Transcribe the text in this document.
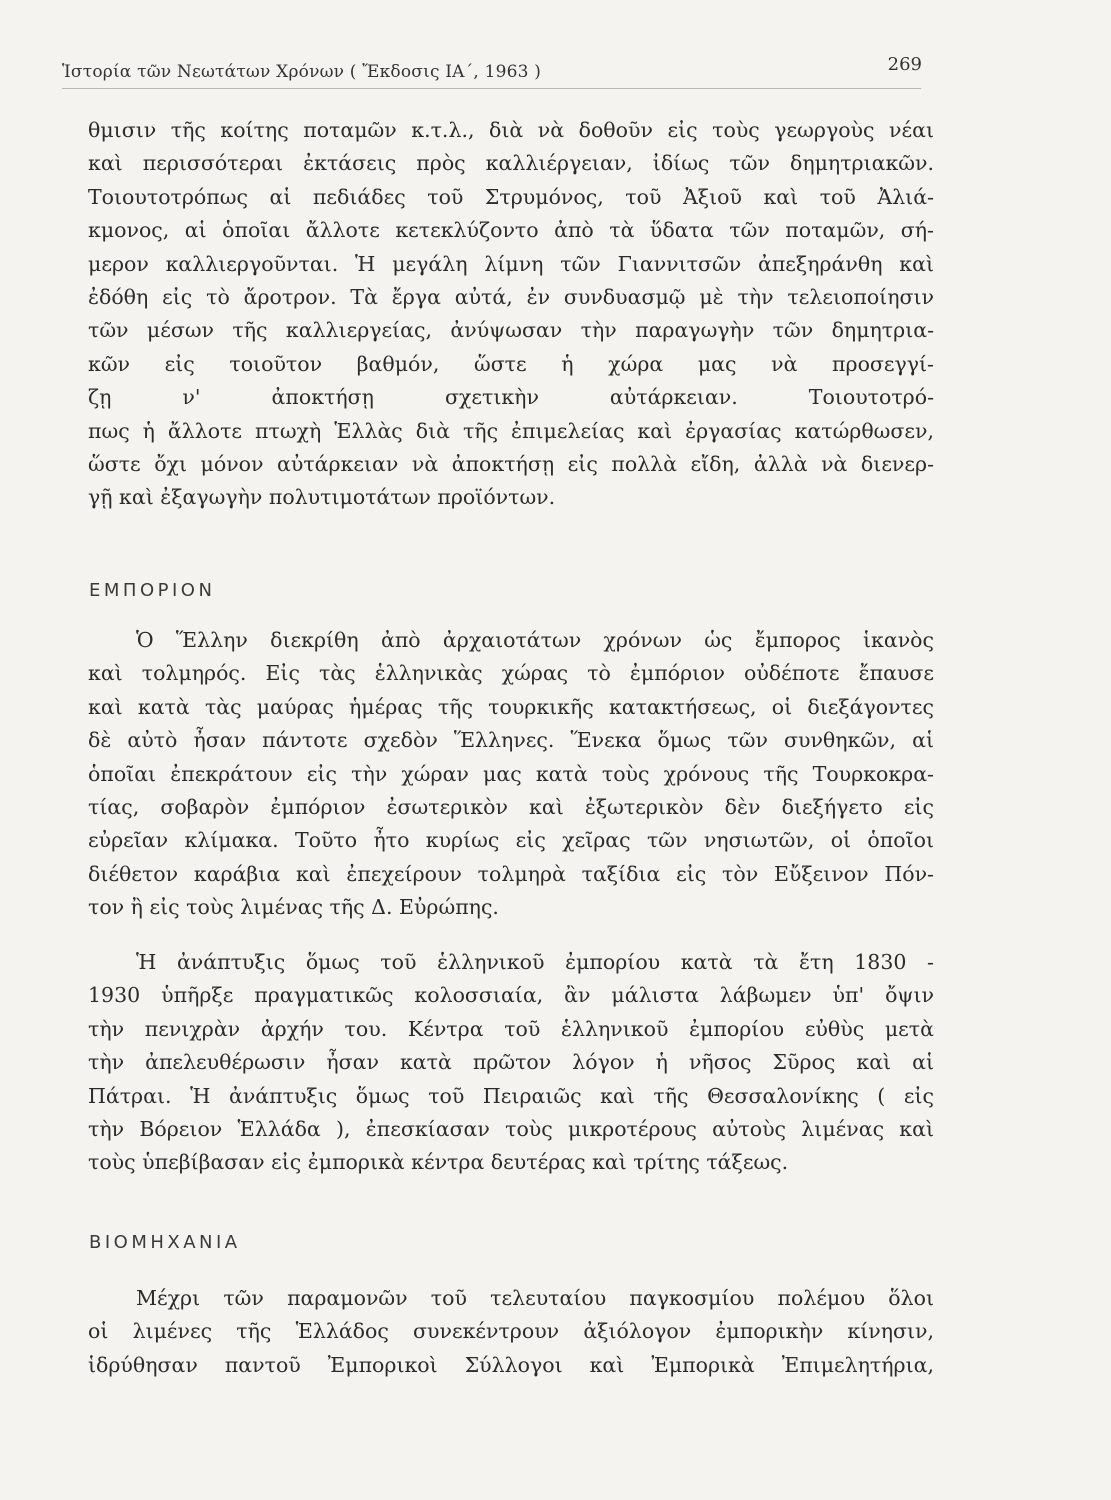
Ἱστορία τῶν Νεωτάτων Χρόνων ( Ἔκδοσις ΙΑ΄, 1963 )	269
θμισιν τῆς κοίτης ποταμῶν κ.τ.λ., διὰ νὰ δοθοῦν εἰς τοὺς γεωργοὺς νέαι
καὶ περισσότεραι ἐκτάσεις πρὸς καλλιέργειαν, ἰδίως τῶν δημητριακῶν.
Τοιουτοτρόπως αἱ πεδιάδες τοῦ Στρυμόνος, τοῦ Ἀξιοῦ καὶ τοῦ Ἀλιά-
κμονος, αἱ ὁποῖαι ἄλλοτε κετεκλύζοντο ἀπὸ τὰ ὕδατα τῶν ποταμῶν, σή-
μερον καλλιεργοῦνται. Ἡ μεγάλη λίμνη τῶν Γιαννιτσῶν ἀπεξηράνθη καὶ
ἐδόθη εἰς τὸ ἄροτρον. Τὰ ἔργα αὐτά, ἐν συνδυασμῷ μὲ τὴν τελειοποίησιν
τῶν μέσων τῆς καλλιεργείας, ἀνύψωσαν τὴν παραγωγὴν τῶν δημητρια-
κῶν εἰς τοιοῦτον βαθμόν, ὥστε ἡ χώρα μας νὰ προσεγγί-
ζῃ ν' ἀποκτήσῃ σχετικὴν αὐτάρκειαν. Τοιουτοτρό-
πως ἡ ἄλλοτε πτωχὴ Ἑλλὰς διὰ τῆς ἐπιμελείας καὶ ἐργασίας κατώρθωσεν,
ὥστε ὄχι μόνον αὐτάρκειαν νὰ ἀποκτήσῃ εἰς πολλὰ εἴδη, ἀλλὰ νὰ διενερ-
γῇ καὶ ἐξαγωγὴν πολυτιμοτάτων προϊόντων.
ΕΜΠΟΡΙΟΝ
Ὁ Ἕλλην διεκρίθη ἀπὸ ἀρχαιοτάτων χρόνων ὡς ἔμπορος ἱκανὸς
καὶ τολμηρός. Εἰς τὰς ἑλληνικὰς χώρας τὸ ἐμπόριον οὐδέποτε ἔπαυσε
καὶ κατὰ τὰς μαύρας ἡμέρας τῆς τουρκικῆς κατακτήσεως, οἱ διεξάγοντες
δὲ αὐτὸ ἦσαν πάντοτε σχεδὸν Ἕλληνες. Ἕνεκα ὅμως τῶν συνθηκῶν, αἱ
ὁποῖαι ἐπεκράτουν εἰς τὴν χώραν μας κατὰ τοὺς χρόνους τῆς Τουρκοκρα-
τίας, σοβαρὸν ἐμπόριον ἐσωτερικὸν καὶ ἐξωτερικὸν δὲν διεξήγετο εἰς
εὐρεῖαν κλίμακα. Τοῦτο ἦτο κυρίως εἰς χεῖρας τῶν νησιωτῶν, οἱ ὁποῖοι
διέθετον καράβια καὶ ἐπεχείρουν τολμηρὰ ταξίδια εἰς τὸν Εὔξεινον Πόν-
τον ἢ εἰς τοὺς λιμένας τῆς Δ. Εὐρώπης.
Ἡ ἀνάπτυξις ὅμως τοῦ ἑλληνικοῦ ἐμπορίου κατὰ τὰ ἔτη 1830 -
1930 ὑπῆρξε πραγματικῶς κολοσσιαία, ἂν μάλιστα λάβωμεν ὑπ' ὄψιν
τὴν πενιχρὰν ἀρχήν του. Κέντρα τοῦ ἑλληνικοῦ ἐμπορίου εὐθὺς μετὰ
τὴν ἀπελευθέρωσιν ἦσαν κατὰ πρῶτον λόγον ἡ νῆσος Σῦρος καὶ αἱ
Πάτραι. Ἡ ἀνάπτυξις ὅμως τοῦ Πειραιῶς καὶ τῆς Θεσσαλονίκης ( εἰς
τὴν Βόρειον Ἑλλάδα ), ἐπεσκίασαν τοὺς μικροτέρους αὐτοὺς λιμένας καὶ
τοὺς ὑπεβίβασαν εἰς ἐμπορικὰ κέντρα δευτέρας καὶ τρίτης τάξεως.
ΒΙΟΜΗΧΑΝΙΑ
Μέχρι τῶν παραμονῶν τοῦ τελευταίου παγκοσμίου πολέμου ὅλοι
οἱ λιμένες τῆς Ἑλλάδος συνεκέντρουν ἀξιόλογον ἐμπορικὴν κίνησιν,
ἱδρύθησαν παντοῦ Ἐμπορικοὶ Σύλλογοι καὶ Ἐμπορικὰ Ἐπιμελητήρια,
